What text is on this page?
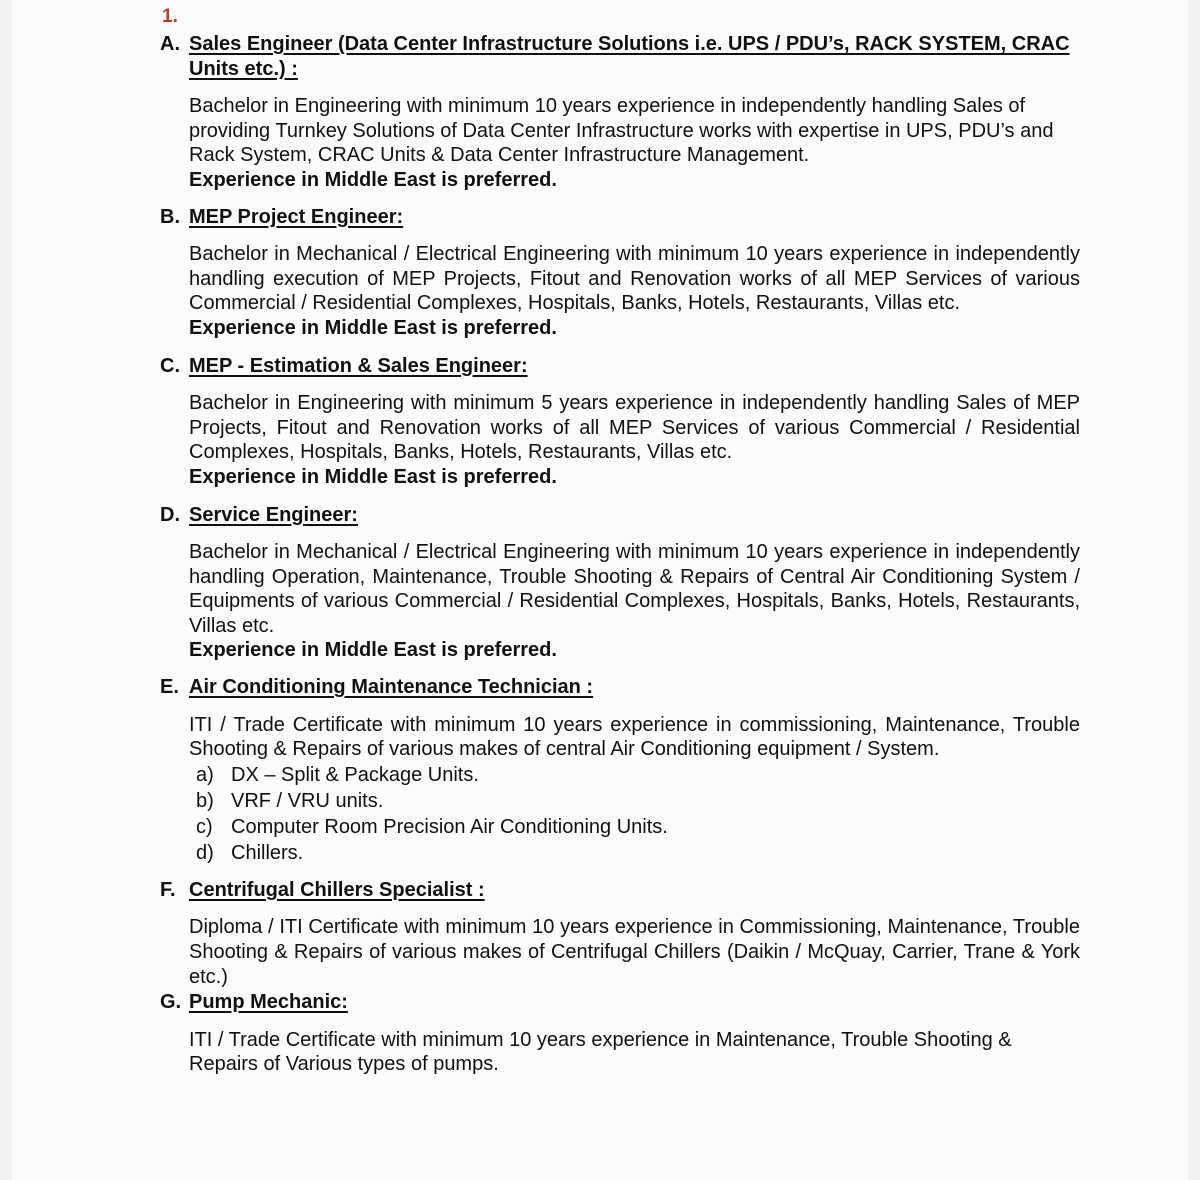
1.
A. Sales Engineer (Data Center Infrastructure Solutions i.e. UPS / PDU’s, RACK SYSTEM, CRAC Units etc.) :
Bachelor in Engineering with minimum 10 years experience in independently handling Sales of providing Turnkey Solutions of Data Center Infrastructure works with expertise in UPS, PDU’s and Rack System, CRAC Units & Data Center Infrastructure Management.
Experience in Middle East is preferred.
B. MEP Project Engineer:
Bachelor in Mechanical / Electrical Engineering with minimum 10 years experience in independently handling execution of MEP Projects, Fitout and Renovation works of all MEP Services of various Commercial / Residential Complexes, Hospitals, Banks, Hotels, Restaurants, Villas etc.
Experience in Middle East is preferred.
C. MEP - Estimation & Sales Engineer:
Bachelor in Engineering with minimum 5 years experience in independently handling Sales of MEP Projects, Fitout and Renovation works of all MEP Services of various Commercial / Residential Complexes, Hospitals, Banks, Hotels, Restaurants, Villas etc.
Experience in Middle East is preferred.
D. Service Engineer:
Bachelor in Mechanical / Electrical Engineering with minimum 10 years experience in independently handling Operation, Maintenance, Trouble Shooting & Repairs of Central Air Conditioning System / Equipments of various Commercial / Residential Complexes, Hospitals, Banks, Hotels, Restaurants, Villas etc.
Experience in Middle East is preferred.
E. Air Conditioning Maintenance Technician :
ITI / Trade Certificate with minimum 10 years experience in commissioning, Maintenance, Trouble Shooting & Repairs of various makes of central Air Conditioning equipment / System.
a) DX – Split & Package Units.
b) VRF / VRU units.
c) Computer Room Precision Air Conditioning Units.
d) Chillers.
F. Centrifugal Chillers Specialist :
Diploma / ITI Certificate with minimum 10 years experience in Commissioning, Maintenance, Trouble Shooting & Repairs of various makes of Centrifugal Chillers (Daikin / McQuay, Carrier, Trane & York etc.)
G. Pump Mechanic:
ITI / Trade Certificate with minimum 10 years experience in Maintenance, Trouble Shooting & Repairs of Various types of pumps.
